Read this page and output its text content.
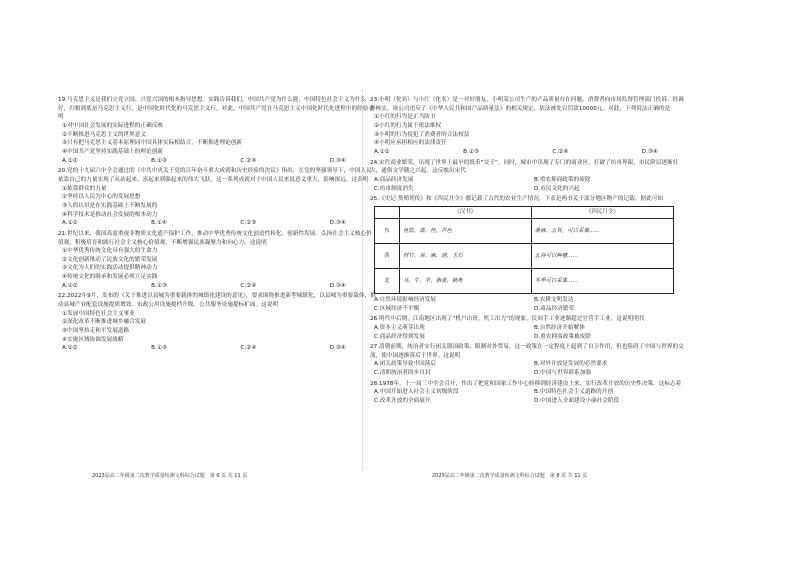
19.马克思主义是我们立党立国、兴党兴国的根本指导思想。实践告诉我们，中国共产党为什么能，中国特色社会主义为什么好，归根到底是马克思主义行，是中国化时代化的马克思主义行。对此，中国共产党在马克思主义中国化时代化进程中的经验表明
①对中国社会发展的实际进程的正确反映
②不断推进马克思主义的世界意义
③只有把马克思主义基本原理同中国具体实际相结合，不断推进理论创新
④中国共产党坚持实践基础上的理论创新
A.①②	B.①③	C.②④	D.③④
20.党的十九届六中全会通过的《中共中央关于党的百年奋斗重大成就和历史经验的决议》指出，在党的坚强领导下，中国人民依靠自己的力量实现了从站起来、富起来到强起来的伟大飞跃。这一系列成就对于中国人民来说意义重大、影响深远。这表明
①依靠群众的力量
②坚持以人民为中心的发展思想
③人的认识是在实践基础上不断发展的
④科学技术是推动社会发展的根本动力
A.①②	B.①④	C.②③	D.③④
21.世纪以来，我国高度重视非物质文化遗产保护工作，推动中华优秀传统文化创造性转化、创新性发展。弘扬社会主义核心价值观，积极培育和践行社会主义核心价值观，不断增强民族凝聚力和向心力。这说明
①中华优秀传统文化具有强大的生命力
②文化创新推动了民族文化的繁荣发展
③文化为人们的实践活动提供精神动力
④传统文化的继承和发展必须立足实践
A.①②	B.①③	C.②④	D.③④
22.2022年9月，发布的《关于推进以县城为重要载体的城镇化建设的意见》，要求围绕推进新型城镇化，以县城为重要载体，推动县城产业配套设施提质增效、市政公用设施提档升级、公共服务设施提标扩面。这说明
①发展中国特色社会主义事业
②深化改革不断推进城乡融合发展
③中国坚持走和平发展道路
④实施区域协调发展战略
A.①②	B.①③	C.②④	D.③④
2023届高二年级第二次教学质量检测文科综合试题　第 6 页 共 11 页
23.小明（化名）与小红（化名）是一对好朋友，小明某公司生产的产品质量存在问题，消费者向市场监督管理部门投诉。经调查核实，该公司违反了《中华人民共和国产品质量法》的相关规定，依法被处以罚款10000元。对此，下列说法正确的是
①小红的行为是正当防卫
②小红的行为属于依法维权
③小明的行为侵犯了消费者的合法权益
④小明应承担相应的法律责任
A.①②	B.①③	C.②④	D.③④
24.宋代商业繁荣，出现了世界上最早的纸币“交子”。同时，城市中出现了专门的商业区，打破了坊市界限，市民阶层逐渐壮大，通俗文学随之兴起。这反映出宋代
A.商品经济发展	B.重农抑商政策的废除
C.坊市制度消失	D.市民文化的兴起
25.《史记·货殖列传》和《四民月令》都记载了古代的农业生产情况，下表是两书关于部分地区物产的记载。据此可知
	《汉书》	《四民月令》
东	鱼盐、漆、丝，声色	桑麻、五谷，可以采桑……
西	材竹、谷、麻、旄、玉石	五谷可以种植……
北	马、牛、羊、旃裘、筋角	冬季可以采集……
A.自然环境影响经济发展	B.农耕文明发达
C.区域经济不平衡	D.商品经济繁荣
26.明代中后期，江南地区出现了“机户出资，机工出力”的现象，民间手工业逐渐超过官营手工业，这说明明代
A.资本主义萌芽出现	B.自然经济开始解体
C.商品经济得到发展	D.重农抑商政策被废除
27.清朝前期，统治者实行闭关锁国政策，限制对外贸易。这一政策在一定程度上起到了自卫作用，但也阻碍了中国与世界的交流，使中国逐渐落后于世界。这说明
A.闭关政策导致中国落后	B.对外开放是发展的必然要求
C.清朝统治者固步自封	D.中国与世界联系加强
28.1978年，十一届三中全会召开，作出了把党和国家工作中心转移到经济建设上来、实行改革开放的历史性决策。这标志着
A.中国开始进入社会主义初级阶段	B.中国特色社会主义道路的开创
C.改革开放的全面展开	D.中国进入全面建设小康社会阶段
2023届高二年级第二次教学质量检测文科综合试题　第 8 页 共 11 页
